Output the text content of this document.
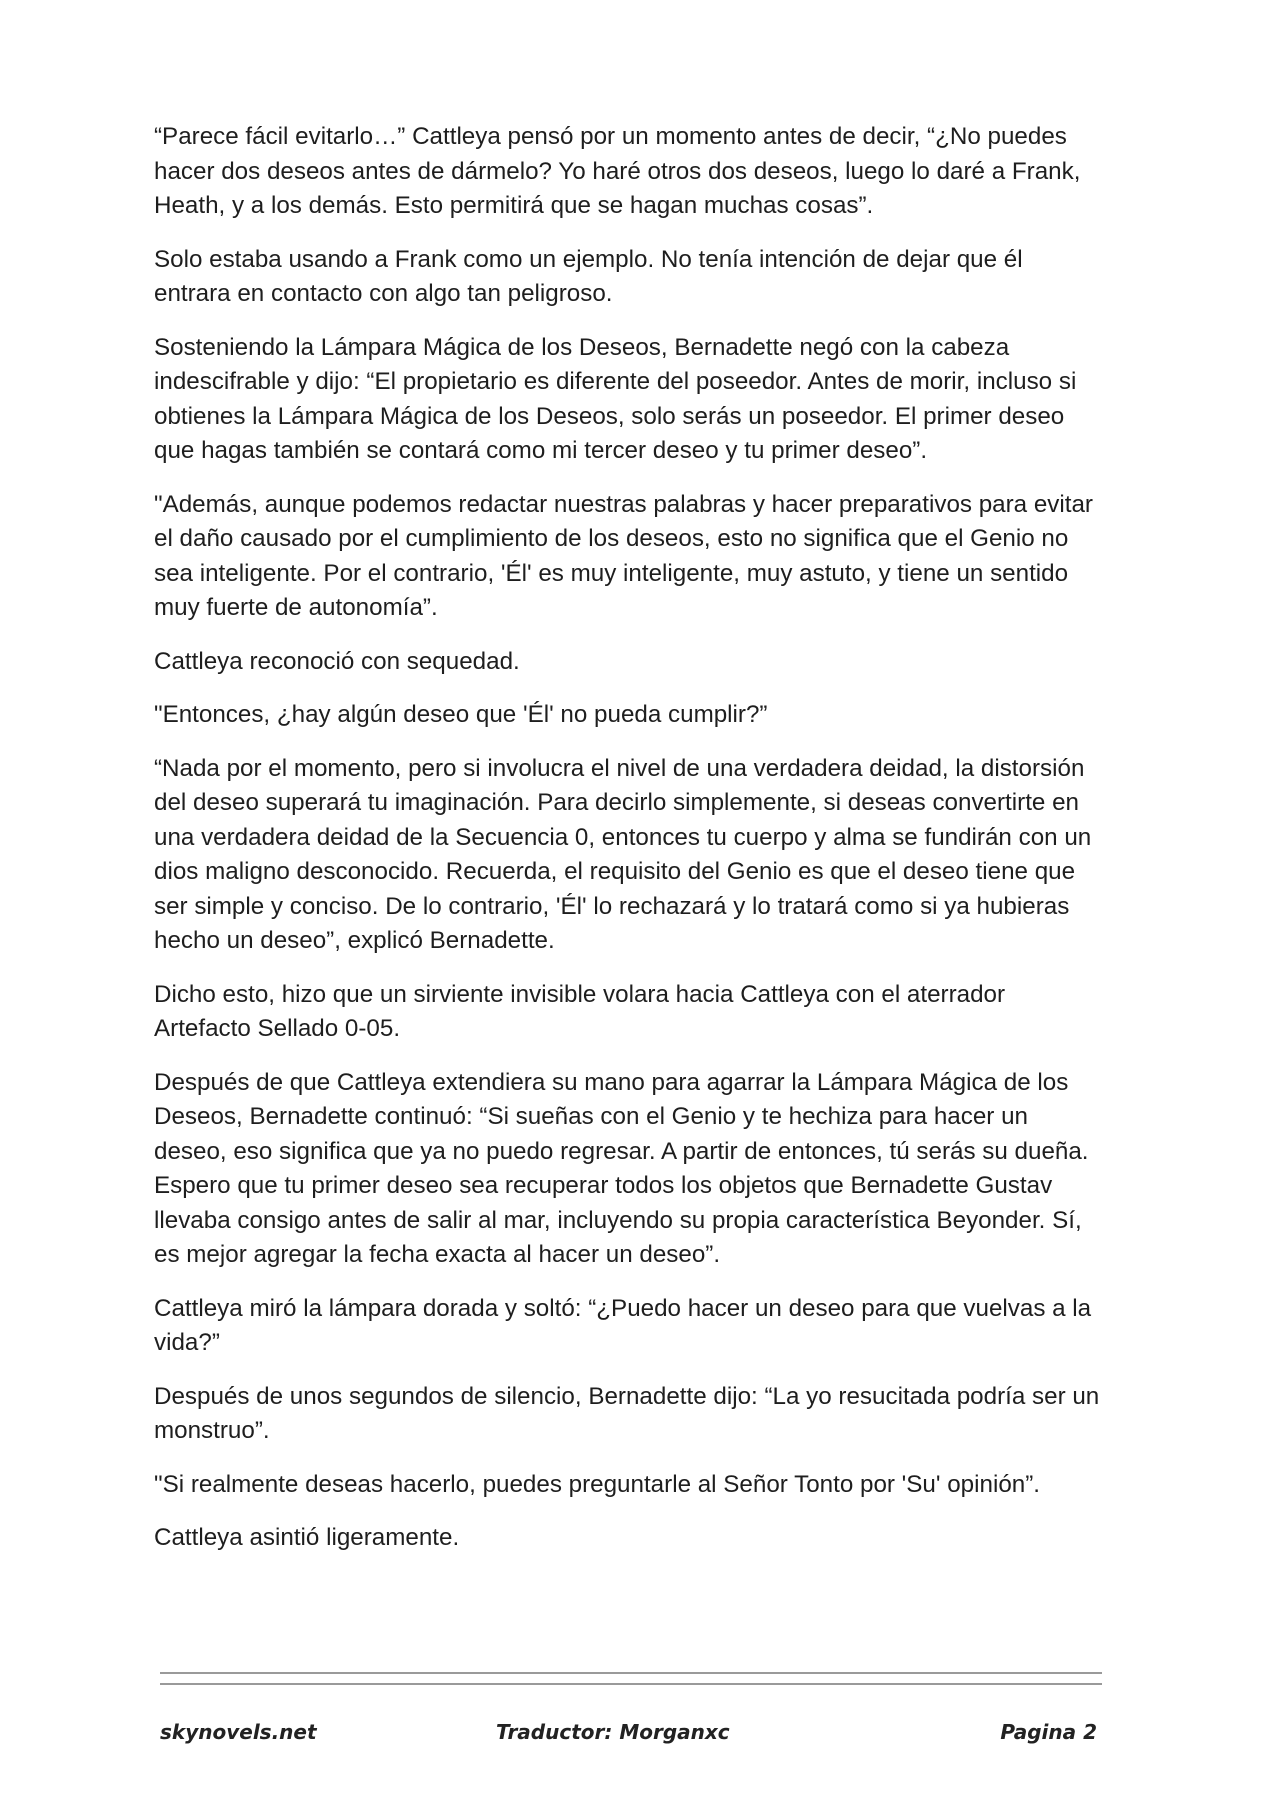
“Parece fácil evitarlo…” Cattleya pensó por un momento antes de decir, “¿No puedes hacer dos deseos antes de dármelo? Yo haré otros dos deseos, luego lo daré a Frank, Heath, y a los demás. Esto permitirá que se hagan muchas cosas”.

Solo estaba usando a Frank como un ejemplo. No tenía intención de dejar que él entrara en contacto con algo tan peligroso.

Sosteniendo la Lámpara Mágica de los Deseos, Bernadette negó con la cabeza indescifrable y dijo: “El propietario es diferente del poseedor. Antes de morir, incluso si obtienes la Lámpara Mágica de los Deseos, solo serás un poseedor. El primer deseo que hagas también se contará como mi tercer deseo y tu primer deseo”.

"Además, aunque podemos redactar nuestras palabras y hacer preparativos para evitar el daño causado por el cumplimiento de los deseos, esto no significa que el Genio no sea inteligente. Por el contrario, 'Él' es muy inteligente, muy astuto, y tiene un sentido muy fuerte de autonomía”.

Cattleya reconoció con sequedad.

"Entonces, ¿hay algún deseo que 'Él' no pueda cumplir?”

“Nada por el momento, pero si involucra el nivel de una verdadera deidad, la distorsión del deseo superará tu imaginación. Para decirlo simplemente, si deseas convertirte en una verdadera deidad de la Secuencia 0, entonces tu cuerpo y alma se fundirán con un dios maligno desconocido. Recuerda, el requisito del Genio es que el deseo tiene que ser simple y conciso. De lo contrario, 'Él' lo rechazará y lo tratará como si ya hubieras hecho un deseo”, explicó Bernadette.

Dicho esto, hizo que un sirviente invisible volara hacia Cattleya con el aterrador Artefacto Sellado 0-05.

Después de que Cattleya extendiera su mano para agarrar la Lámpara Mágica de los Deseos, Bernadette continuó: “Si sueñas con el Genio y te hechiza para hacer un deseo, eso significa que ya no puedo regresar. A partir de entonces, tú serás su dueña. Espero que tu primer deseo sea recuperar todos los objetos que Bernadette Gustav llevaba consigo antes de salir al mar, incluyendo su propia característica Beyonder. Sí, es mejor agregar la fecha exacta al hacer un deseo”.

Cattleya miró la lámpara dorada y soltó: “¿Puedo hacer un deseo para que vuelvas a la vida?”

Después de unos segundos de silencio, Bernadette dijo: “La yo resucitada podría ser un monstruo”.

"Si realmente deseas hacerlo, puedes preguntarle al Señor Tonto por 'Su' opinión”.

Cattleya asintió ligeramente.

skynovels.net	Traductor: Morganxc	Pagina 2
